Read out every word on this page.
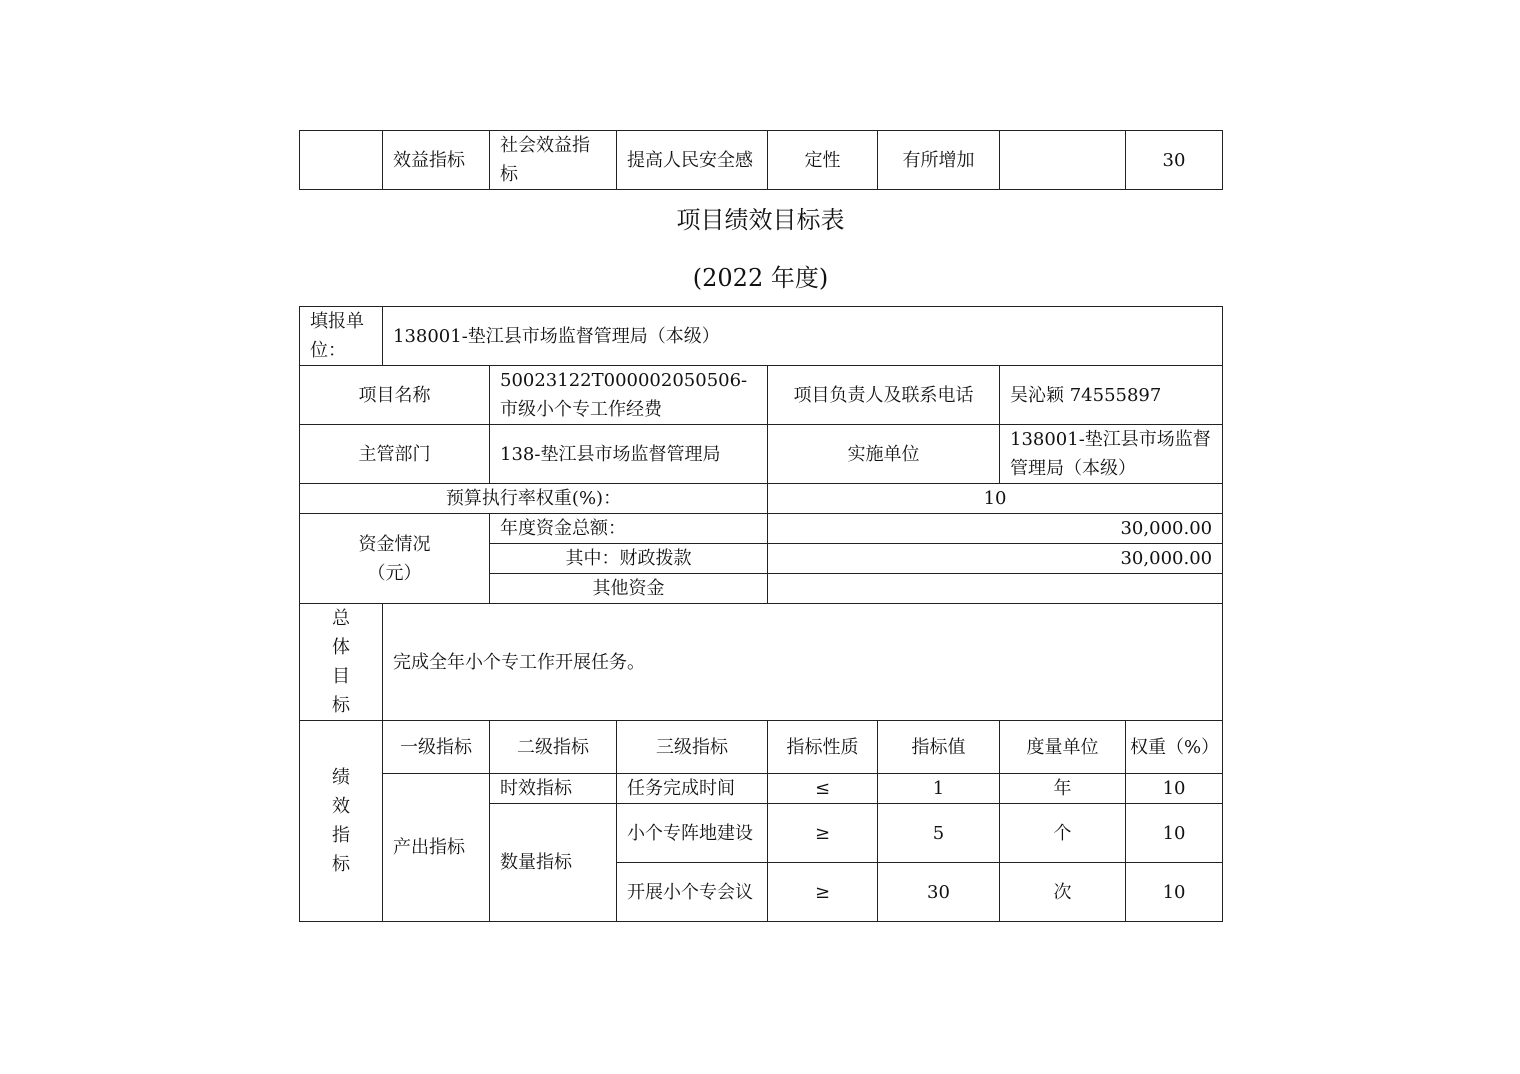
	效益指标	社会效益指标	提高人民安全感	定性	有所增加		30
项目绩效目标表
(2022 年度)
填报单位：	138001-垫江县市场监督管理局（本级）						
项目名称		50023122T000002050506-市级小个专工作经费		项目负责人及联系电话		吴沁颖 74555897	
主管部门		138-垫江县市场监督管理局		实施单位		138001-垫江县市场监督管理局（本级）	
预算执行率权重(%)：				10			
资金情况（元）		年度资金总额：		30,000.00			
		其中：财政拨款		30,000.00			
		其他资金					

总
体
目
标	完成全年小个专工作开展任务。						

绩
效
指
标	一级指标	二级指标	三级指标	指标性质	指标值	度量单位	权重（%）
	产出指标	时效指标	任务完成时间	≤	1	年	10
		数量指标	小个专阵地建设	≥	5	个	10
			开展小个专会议	≥	30	次	10
